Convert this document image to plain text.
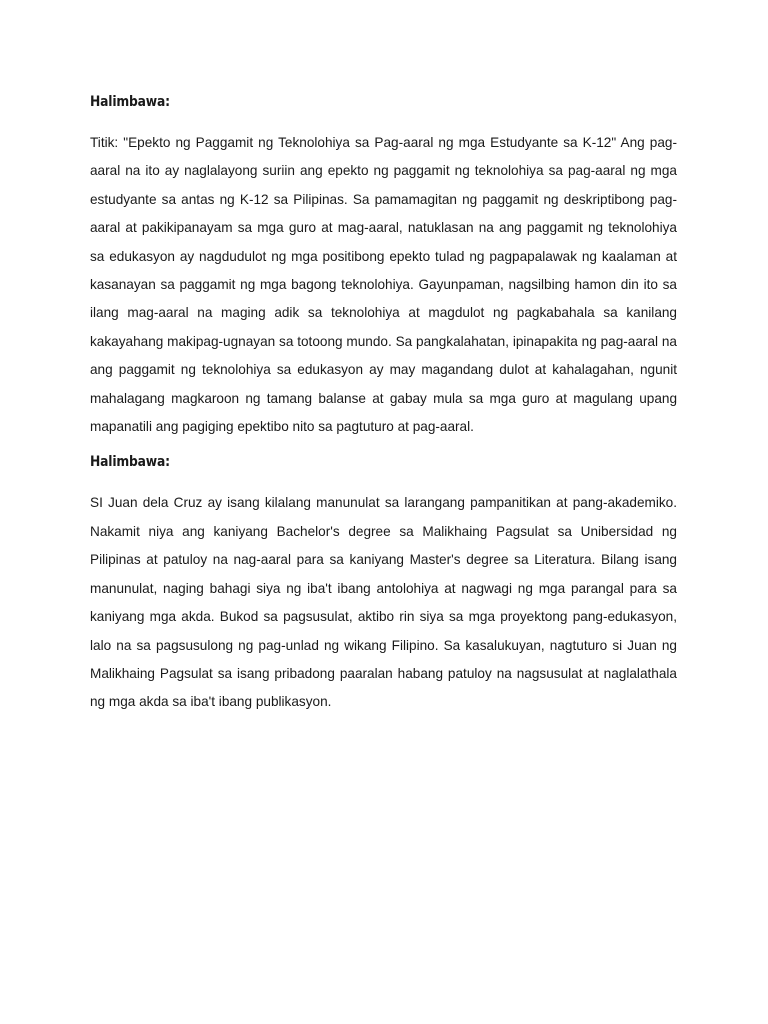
Halimbawa:

Titik: "Epekto ng Paggamit ng Teknolohiya sa Pag-aaral ng mga Estudyante sa K-12" Ang pag-aaral na ito ay naglalayong suriin ang epekto ng paggamit ng teknolohiya sa pag-aaral ng mga estudyante sa antas ng K-12 sa Pilipinas. Sa pamamagitan ng paggamit ng deskriptibong pag-aaral at pakikipanayam sa mga guro at mag-aaral, natuklasan na ang paggamit ng teknolohiya sa edukasyon ay nagdudulot ng mga positibong epekto tulad ng pagpapalawak ng kaalaman at kasanayan sa paggamit ng mga bagong teknolohiya. Gayunpaman, nagsilbing hamon din ito sa ilang mag-aaral na maging adik sa teknolohiya at magdulot ng pagkabahala sa kanilang kakayahang makipag-ugnayan sa totoong mundo. Sa pangkalahatan, ipinapakita ng pag-aaral na ang paggamit ng teknolohiya sa edukasyon ay may magandang dulot at kahalagahan, ngunit mahalagang magkaroon ng tamang balanse at gabay mula sa mga guro at magulang upang mapanatili ang pagiging epektibo nito sa pagtuturo at pag-aaral.

Halimbawa:

SI Juan dela Cruz ay isang kilalang manunulat sa larangang pampanitikan at pang-akademiko. Nakamit niya ang kaniyang Bachelor's degree sa Malikhaing Pagsulat sa Unibersidad ng Pilipinas at patuloy na nag-aaral para sa kaniyang Master's degree sa Literatura. Bilang isang manunulat, naging bahagi siya ng iba't ibang antolohiya at nagwagi ng mga parangal para sa kaniyang mga akda. Bukod sa pagsusulat, aktibo rin siya sa mga proyektong pang-edukasyon, lalo na sa pagsusulong ng pag-unlad ng wikang Filipino. Sa kasalukuyan, nagtuturo si Juan ng Malikhaing Pagsulat sa isang pribadong paaralan habang patuloy na nagsusulat at naglalathala ng mga akda sa iba't ibang publikasyon.
